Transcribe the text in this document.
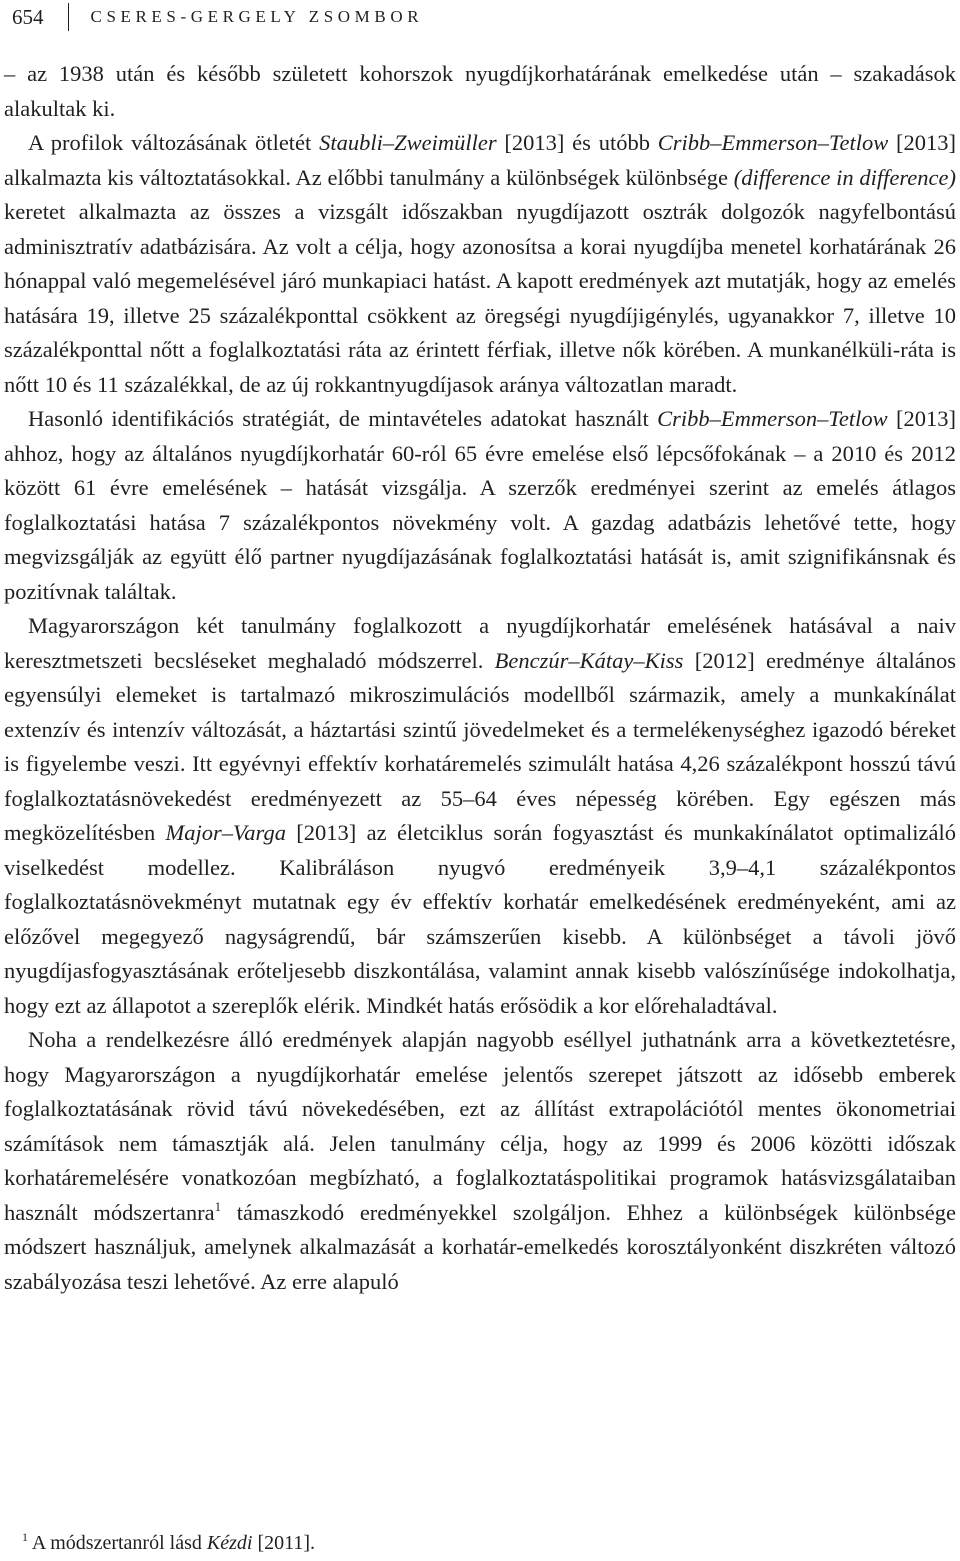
654	CSERES-GERGELY ZSOMBOR

– az 1938 után és később született kohorszok nyugdíjkorhatárának emelkedése után – szakadások alakultak ki.

A profilok változásának ötletét Staubli–Zweimüller [2013] és utóbb Cribb–Emmerson–Tetlow [2013] alkalmazta kis változtatásokkal. Az előbbi tanulmány a különbségek különbsége (difference in difference) keretet alkalmazta az összes a vizsgált időszakban nyugdíjazott osztrák dolgozók nagyfelbontású adminisztratív adatbázisára. Az volt a célja, hogy azonosítsa a korai nyugdíjba menetel korhatárának 26 hónappal való megemelésével járó munkapiaci hatást. A kapott eredmények azt mutatják, hogy az emelés hatására 19, illetve 25 százalékponttal csökkent az öregségi nyugdíjigénylés, ugyanakkor 7, illetve 10 százalékponttal nőtt a foglalkoztatási ráta az érintett férfiak, illetve nők körében. A munkanélküli-ráta is nőtt 10 és 11 százalékkal, de az új rokkantnyugdíjasok aránya változatlan maradt.

Hasonló identifikációs stratégiát, de mintavételes adatokat használt Cribb–Emmerson–Tetlow [2013] ahhoz, hogy az általános nyugdíjkorhatár 60-ról 65 évre emelése első lépcsőfokának – a 2010 és 2012 között 61 évre emelésének – hatását vizsgálja. A szerzők eredményei szerint az emelés átlagos foglalkoztatási hatása 7 százalékpontos növekmény volt. A gazdag adatbázis lehetővé tette, hogy megvizsgálják az együtt élő partner nyugdíjazásának foglalkoztatási hatását is, amit szignifikánsnak és pozitívnak találtak.

Magyarországon két tanulmány foglalkozott a nyugdíjkorhatár emelésének hatásával a naiv keresztmetszeti becsléseket meghaladó módszerrel. Benczúr–Kátay–Kiss [2012] eredménye általános egyensúlyi elemeket is tartalmazó mikroszimulációs modellből származik, amely a munkakínálat extenzív és intenzív változását, a háztartási szintű jövedelmeket és a termelékenységhez igazodó béreket is figyelembe veszi. Itt egyévnyi effektív korhatáremelés szimulált hatása 4,26 százalékpont hosszú távú foglalkoztatásnövekedést eredményezett az 55–64 éves népesség körében. Egy egészen más megközelítésben Major–Varga [2013] az életciklus során fogyasztást és munkakínálatot optimalizáló viselkedést modellez. Kalibráláson nyugvó eredményeik 3,9–4,1 százalékpontos foglalkoztatásnövekményt mutatnak egy év effektív korhatár emelkedésének eredményeként, ami az előzővel megegyező nagyságrendű, bár számszerűen kisebb. A különbséget a távoli jövő nyugdíjasfogyasztásának erőteljesebb diszkontálása, valamint annak kisebb valószínűsége indokolhatja, hogy ezt az állapotot a szereplők elérik. Mindkét hatás erősödik a kor előrehaladtával.

Noha a rendelkezésre álló eredmények alapján nagyobb eséllyel juthatnánk arra a következtetésre, hogy Magyarországon a nyugdíjkorhatár emelése jelentős szerepet játszott az idősebb emberek foglalkoztatásának rövid távú növekedésében, ezt az állítást extrapolációtól mentes ökonometriai számítások nem támasztják alá. Jelen tanulmány célja, hogy az 1999 és 2006 közötti időszak korhatáremelésére vonatkozóan megbízható, a foglalkoztatáspolitikai programok hatásvizsgálataiban használt módszertanra$^1$ támaszkodó eredményekkel szolgáljon. Ehhez a különbségek különbsége módszert használjuk, amelynek alkalmazását a korhatár-emelkedés korosztályonként diszkréten változó szabályozása teszi lehetővé. Az erre alapuló

$^1$ A módszertanról lásd Kézdi [2011].
